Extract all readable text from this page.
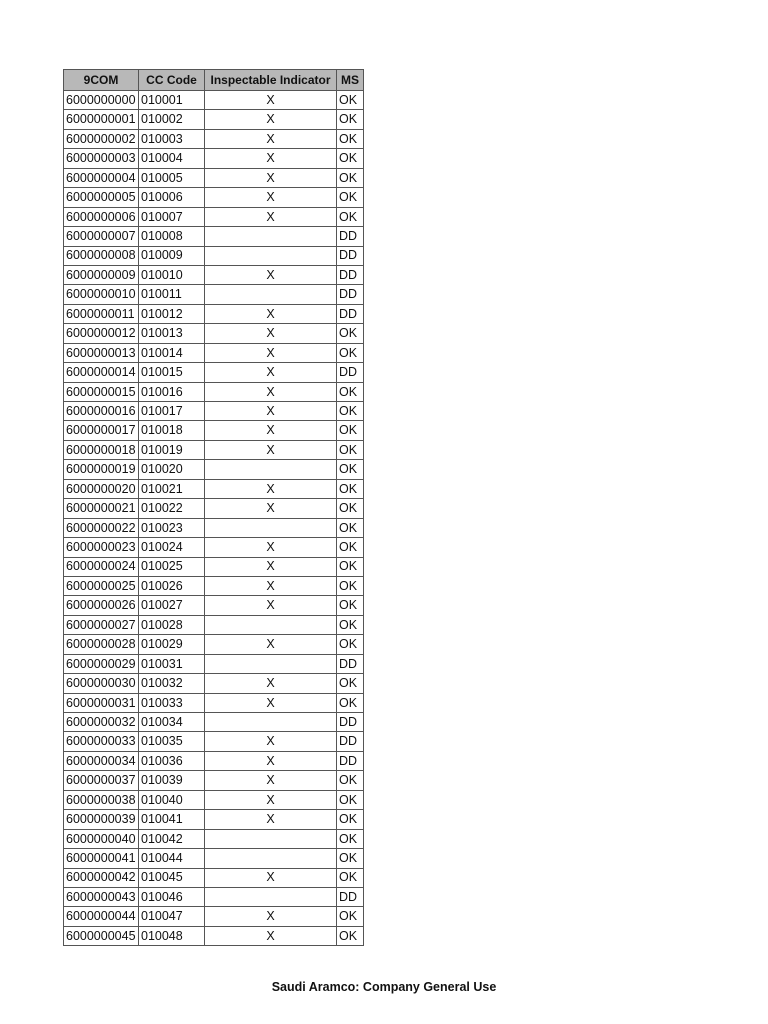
9COM	CC Code	Inspectable Indicator	MS
6000000000	010001	X	OK
6000000001	010002	X	OK
6000000002	010003	X	OK
6000000003	010004	X	OK
6000000004	010005	X	OK
6000000005	010006	X	OK
6000000006	010007	X	OK
6000000007	010008		DD
6000000008	010009		DD
6000000009	010010	X	DD
6000000010	010011		DD
6000000011	010012	X	DD
6000000012	010013	X	OK
6000000013	010014	X	OK
6000000014	010015	X	DD
6000000015	010016	X	OK
6000000016	010017	X	OK
6000000017	010018	X	OK
6000000018	010019	X	OK
6000000019	010020		OK
6000000020	010021	X	OK
6000000021	010022	X	OK
6000000022	010023		OK
6000000023	010024	X	OK
6000000024	010025	X	OK
6000000025	010026	X	OK
6000000026	010027	X	OK
6000000027	010028		OK
6000000028	010029	X	OK
6000000029	010031		DD
6000000030	010032	X	OK
6000000031	010033	X	OK
6000000032	010034		DD
6000000033	010035	X	DD
6000000034	010036	X	DD
6000000037	010039	X	OK
6000000038	010040	X	OK
6000000039	010041	X	OK
6000000040	010042		OK
6000000041	010044		OK
6000000042	010045	X	OK
6000000043	010046		DD
6000000044	010047	X	OK
6000000045	010048	X	OK
Saudi Aramco: Company General Use
